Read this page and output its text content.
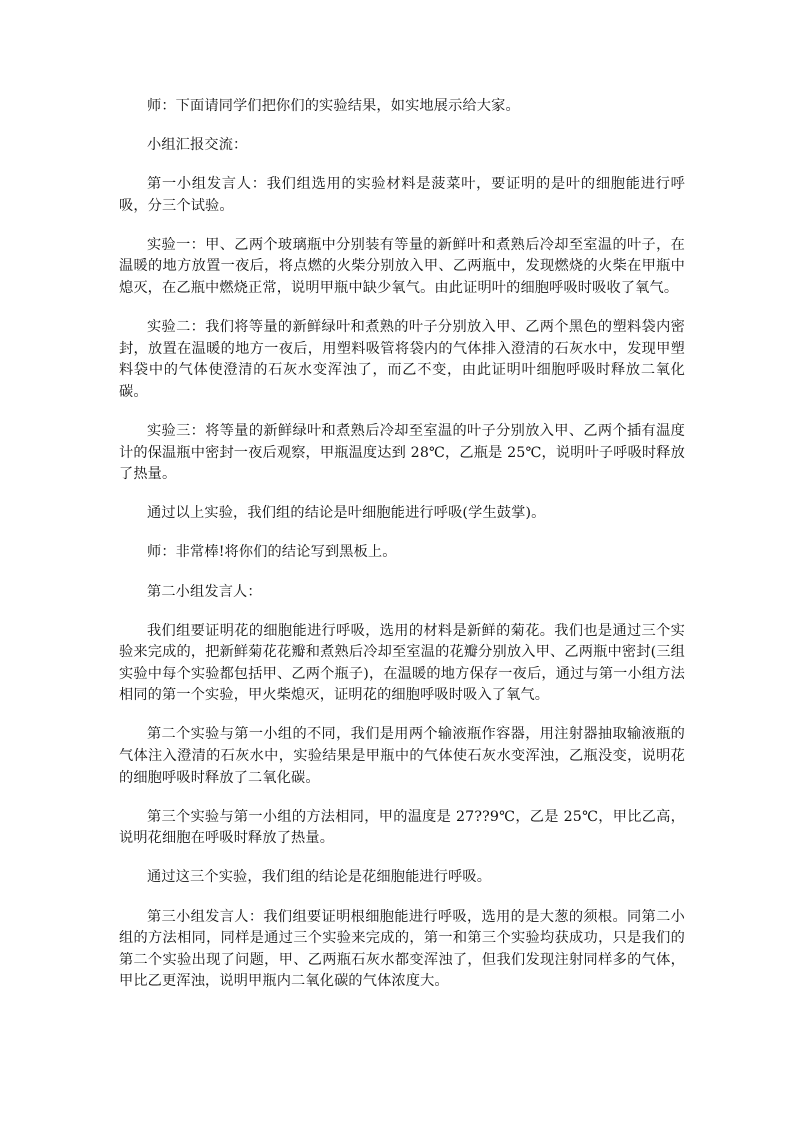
师：下面请同学们把你们的实验结果，如实地展示给大家。

小组汇报交流：

第一小组发言人：我们组选用的实验材料是菠菜叶，要证明的是叶的细胞能进行呼吸，分三个试验。

实验一：甲、乙两个玻璃瓶中分别装有等量的新鲜叶和煮熟后冷却至室温的叶子，在温暖的地方放置一夜后，将点燃的火柴分别放入甲、乙两瓶中，发现燃烧的火柴在甲瓶中熄灭，在乙瓶中燃烧正常，说明甲瓶中缺少氧气。由此证明叶的细胞呼吸时吸收了氧气。

实验二：我们将等量的新鲜绿叶和煮熟的叶子分别放入甲、乙两个黑色的塑料袋内密封，放置在温暖的地方一夜后，用塑料吸管将袋内的气体排入澄清的石灰水中，发现甲塑料袋中的气体使澄清的石灰水变浑浊了，而乙不变，由此证明叶细胞呼吸时释放二氧化碳。

实验三：将等量的新鲜绿叶和煮熟后冷却至室温的叶子分别放入甲、乙两个插有温度计的保温瓶中密封一夜后观察，甲瓶温度达到 28℃，乙瓶是 25℃，说明叶子呼吸时释放了热量。

通过以上实验，我们组的结论是叶细胞能进行呼吸(学生鼓掌)。

师：非常棒!将你们的结论写到黑板上。

第二小组发言人：

我们组要证明花的细胞能进行呼吸，选用的材料是新鲜的菊花。我们也是通过三个实验来完成的，把新鲜菊花花瓣和煮熟后冷却至室温的花瓣分别放入甲、乙两瓶中密封(三组实验中每个实验都包括甲、乙两个瓶子)，在温暖的地方保存一夜后，通过与第一小组方法相同的第一个实验，甲火柴熄灭，证明花的细胞呼吸时吸入了氧气。

第二个实验与第一小组的不同，我们是用两个输液瓶作容器，用注射器抽取输液瓶的气体注入澄清的石灰水中，实验结果是甲瓶中的气体使石灰水变浑浊，乙瓶没变，说明花的细胞呼吸时释放了二氧化碳。

第三个实验与第一小组的方法相同，甲的温度是 27??9℃，乙是 25℃，甲比乙高，说明花细胞在呼吸时释放了热量。

通过这三个实验，我们组的结论是花细胞能进行呼吸。

第三小组发言人：我们组要证明根细胞能进行呼吸，选用的是大葱的须根。同第二小组的方法相同，同样是通过三个实验来完成的，第一和第三个实验均获成功，只是我们的第二个实验出现了问题，甲、乙两瓶石灰水都变浑浊了，但我们发现注射同样多的气体，甲比乙更浑浊，说明甲瓶内二氧化碳的气体浓度大。
